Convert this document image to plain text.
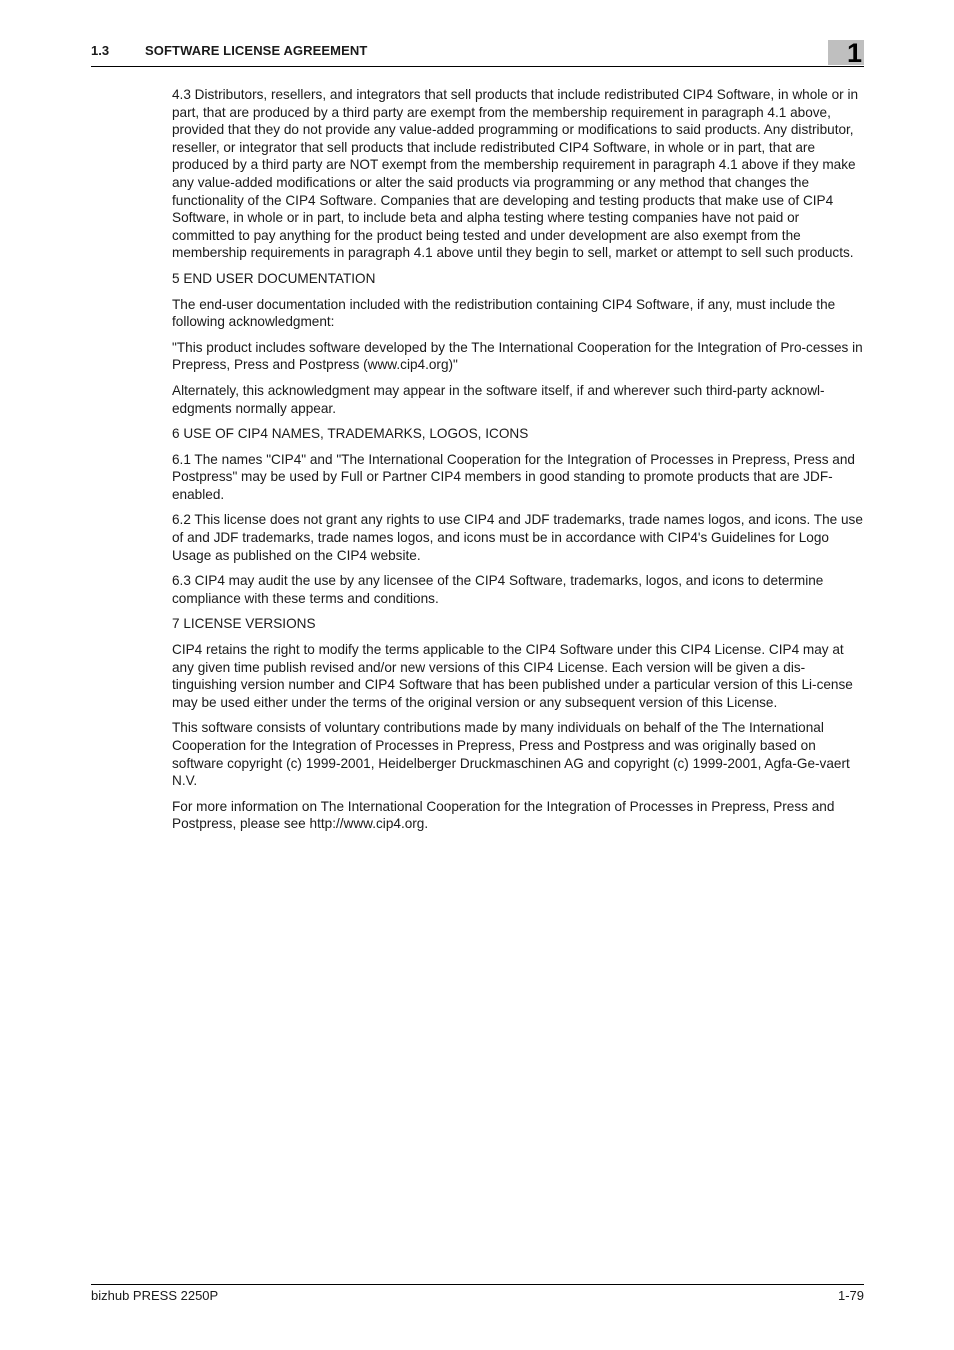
1.3	SOFTWARE LICENSE AGREEMENT	1

4.3 Distributors, resellers, and integrators that sell products that include redistributed CIP4 Software, in whole or in part, that are produced by a third party are exempt from the membership requirement in paragraph 4.1 above, provided that they do not provide any value-added programming or modifications to said products. Any distributor, reseller, or integrator that sell products that include redistributed CIP4 Software, in whole or in part, that are produced by a third party are NOT exempt from the membership requirement in paragraph 4.1 above if they make any value-added modifications or alter the said products via programming or any method that changes the functionality of the CIP4 Software. Companies that are developing and testing products that make use of CIP4 Software, in whole or in part, to include beta and alpha testing where testing companies have not paid or committed to pay anything for the product being tested and under development are also exempt from the membership requirements in paragraph 4.1 above until they begin to sell, market or attempt to sell such products.

5 END USER DOCUMENTATION

The end-user documentation included with the redistribution containing CIP4 Software, if any, must include the following acknowledgment:

"This product includes software developed by the The International Cooperation for the Integration of Pro-cesses in Prepress, Press and Postpress (www.cip4.org)"

Alternately, this acknowledgment may appear in the software itself, if and wherever such third-party acknowl-edgments normally appear.

6 USE OF CIP4 NAMES, TRADEMARKS, LOGOS, ICONS

6.1 The names "CIP4" and "The International Cooperation for the Integration of Processes in Prepress, Press and Postpress" may be used by Full or Partner CIP4 members in good standing to promote products that are JDF-enabled.

6.2 This license does not grant any rights to use CIP4 and JDF trademarks, trade names logos, and icons. The use of and JDF trademarks, trade names logos, and icons must be in accordance with CIP4's Guidelines for Logo Usage as published on the CIP4 website.

6.3 CIP4 may audit the use by any licensee of the CIP4 Software, trademarks, logos, and icons to determine compliance with these terms and conditions.

7 LICENSE VERSIONS

CIP4 retains the right to modify the terms applicable to the CIP4 Software under this CIP4 License. CIP4 may at any given time publish revised and/or new versions of this CIP4 License. Each version will be given a dis-tinguishing version number and CIP4 Software that has been published under a particular version of this Li-cense may be used either under the terms of the original version or any subsequent version of this License.

This software consists of voluntary contributions made by many individuals on behalf of the The International Cooperation for the Integration of Processes in Prepress, Press and Postpress and was originally based on software copyright (c) 1999-2001, Heidelberger Druckmaschinen AG and copyright (c) 1999-2001, Agfa-Ge-vaert N.V.

For more information on The International Cooperation for the Integration of Processes in Prepress, Press and Postpress, please see http://www.cip4.org.

bizhub PRESS 2250P	1-79
